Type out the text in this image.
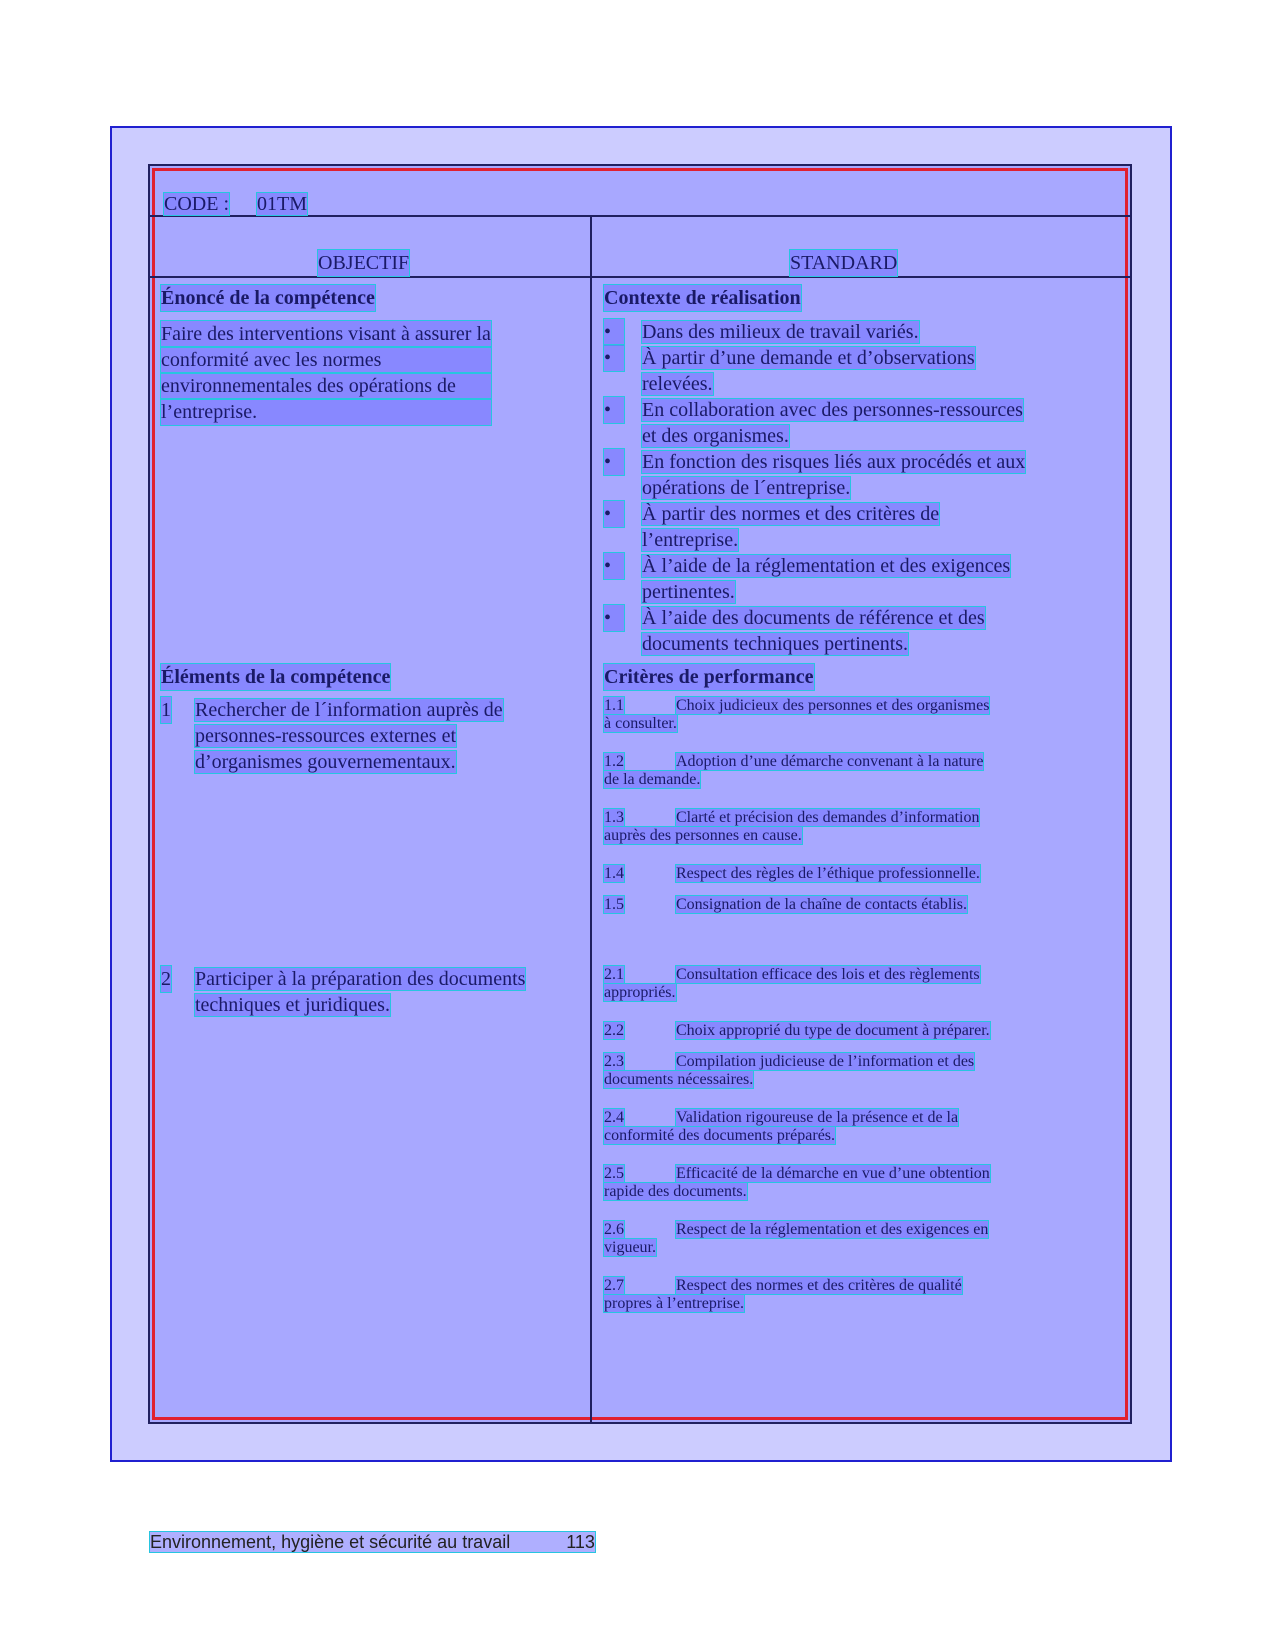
CODE : 01TM
OBJECTIF	STANDARD
Énoncé de la compétence
Faire des interventions visant à assurer la
conformité avec les normes
environnementales des opérations de
l’entreprise.
Contexte de réalisation
•	Dans des milieux de travail variés.
•	À partir d’une demande et d’observations
relevées.
•	En collaboration avec des personnes-ressources
et des organismes.
•	En fonction des risques liés aux procédés et aux
opérations de l´entreprise.
•	À partir des normes et des critères de
l’entreprise.
•	À l’aide de la réglementation et des exigences
pertinentes.
•	À l’aide des documents de référence et des
documents techniques pertinents.
Éléments de la compétence
1 Rechercher de l´information auprès de
personnes-ressources externes et
d’organismes gouvernementaux.
2 Participer à la préparation des documents
techniques et juridiques.
Critères de performance
1.1	Choix judicieux des personnes et des organismes
à consulter.
1.2	Adoption d’une démarche convenant à la nature
de la demande.
1.3	Clarté et précision des demandes d’information
auprès des personnes en cause.
1.4	Respect des règles de l’éthique professionnelle.
1.5	Consignation de la chaîne de contacts établis.
2.1	Consultation efficace des lois et des règlements
appropriés.
2.2	Choix approprié du type de document à préparer.
2.3	Compilation judicieuse de l’information et des
documents nécessaires.
2.4	Validation rigoureuse de la présence et de la
conformité des documents préparés.
2.5	Efficacité de la démarche en vue d’une obtention
rapide des documents.
2.6	Respect de la réglementation et des exigences en
vigueur.
2.7	Respect des normes et des critères de qualité
propres à l’entreprise.
Environnement, hygiène et sécurité au travail	113
